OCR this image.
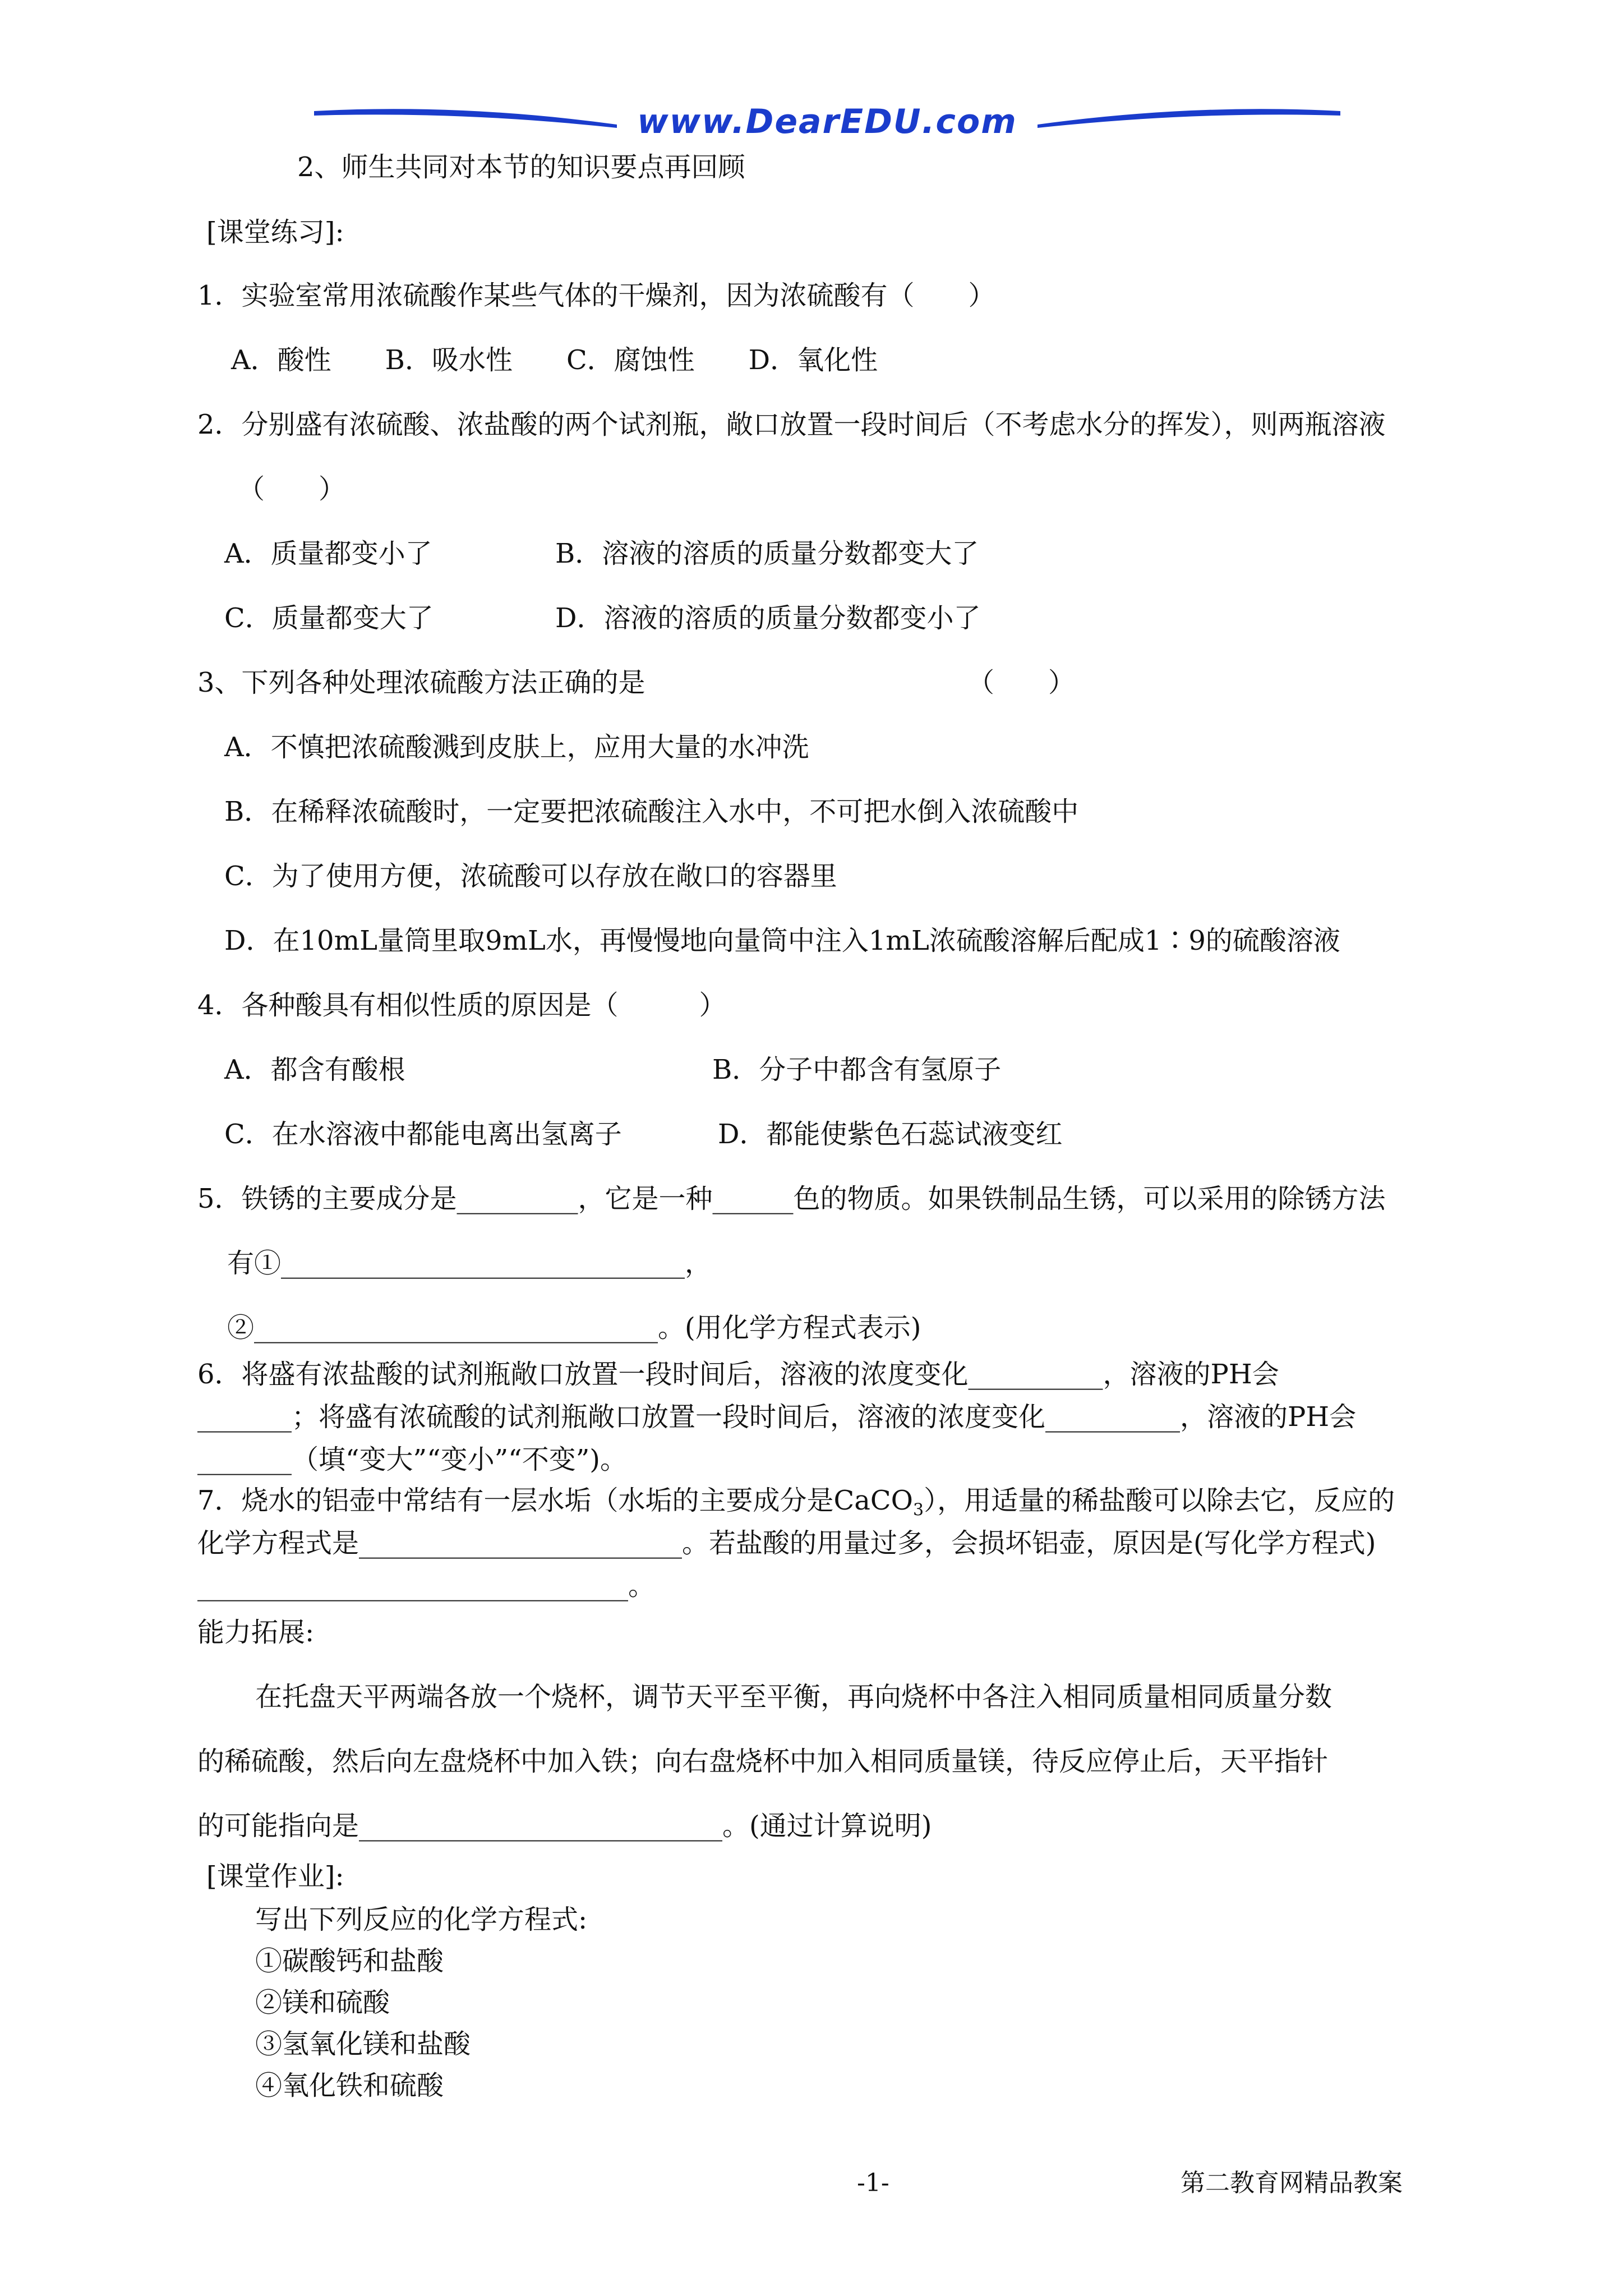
www.DearEDU.com
2、师生共同对本节的知识要点再回顾
[课堂练习]:
1．实验室常用浓硫酸作某些气体的干燥剂，因为浓硫酸有（　　）
A．酸性　　B．吸水性　　C．腐蚀性　　D．氧化性
2．分别盛有浓硫酸、浓盐酸的两个试剂瓶，敞口放置一段时间后（不考虑水分的挥发），则两瓶溶液
（　　）
A．质量都变小了	B．溶液的溶质的质量分数都变大了
C．质量都变大了	D．溶液的溶质的质量分数都变小了
3、下列各种处理浓硫酸方法正确的是	（　　）
A．不慎把浓硫酸溅到皮肤上，应用大量的水冲洗
B．在稀释浓硫酸时，一定要把浓硫酸注入水中，不可把水倒入浓硫酸中
C．为了使用方便，浓硫酸可以存放在敞口的容器里
D．在10mL量筒里取9mL水，再慢慢地向量筒中注入1mL浓硫酸溶解后配成1∶9的硫酸溶液
4．各种酸具有相似性质的原因是（　　　）
A．都含有酸根	B．分子中都含有氢原子
C．在水溶液中都能电离出氢离子	D．都能使紫色石蕊试液变红
5．铁锈的主要成分是_________，它是一种______色的物质。如果铁制品生锈，可以采用的除锈方法
有①______________________________，
②______________________________。(用化学方程式表示)
6．将盛有浓盐酸的试剂瓶敞口放置一段时间后，溶液的浓度变化__________，溶液的PH会
_______；将盛有浓硫酸的试剂瓶敞口放置一段时间后，溶液的浓度变化__________，溶液的PH会
_______（填“变大”“变小”“不变”)。
7．烧水的铝壶中常结有一层水垢（水垢的主要成分是CaCO$_3$），用适量的稀盐酸可以除去它，反应的
化学方程式是________________________。若盐酸的用量过多，会损坏铝壶，原因是(写化学方程式)
________________________________。
能力拓展:
在托盘天平两端各放一个烧杯，调节天平至平衡，再向烧杯中各注入相同质量相同质量分数
的稀硫酸，然后向左盘烧杯中加入铁；向右盘烧杯中加入相同质量镁，待反应停止后，天平指针
的可能指向是___________________________。(通过计算说明)
[课堂作业]:
写出下列反应的化学方程式:
①碳酸钙和盐酸
②镁和硫酸
③氢氧化镁和盐酸
④氧化铁和硫酸
-1-	第二教育网精品教案
